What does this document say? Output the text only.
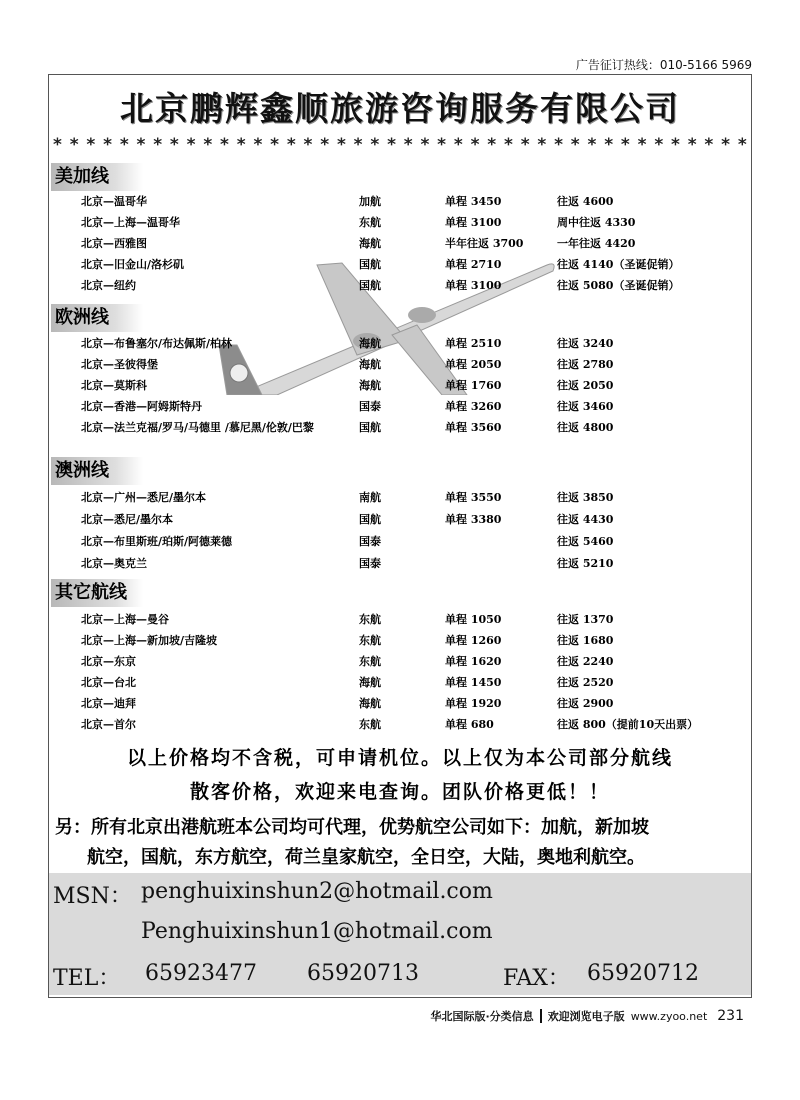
广告征订热线：010-5166 5969
北京鹏辉鑫顺旅游咨询服务有限公司
* * * * * * * * * * * * * * * * * * * * * * * * * * * * * * * * * * * * * * * * * *
美加线
北京—温哥华	加航	单程 3450	往返 4600
北京—上海—温哥华	东航	单程 3100	周中往返 4330
北京—西雅图	海航	半年往返 3700	一年往返 4420
北京—旧金山/洛杉矶	国航	单程 2710	往返 4140（圣诞促销）
北京—纽约	国航	单程 3100	往返 5080（圣诞促销）
欧洲线
北京—布鲁塞尔/布达佩斯/柏林	海航	单程 2510	往返 3240
北京—圣彼得堡	海航	单程 2050	往返 2780
北京—莫斯科	海航	单程 1760	往返 2050
北京—香港—阿姆斯特丹	国泰	单程 3260	往返 3460
北京—法兰克福/罗马/马德里 /慕尼黑/伦敦/巴黎	国航	单程 3560	往返 4800
澳洲线
北京—广州—悉尼/墨尔本	南航	单程 3550	往返 3850
北京—悉尼/墨尔本	国航	单程 3380	往返 4430
北京—布里斯班/珀斯/阿德莱德	国泰	往返 5460
北京—奥克兰	国泰	往返 5210
其它航线
北京—上海—曼谷	东航	单程 1050	往返 1370
北京—上海—新加坡/吉隆坡	东航	单程 1260	往返 1680
北京—东京	东航	单程 1620	往返 2240
北京—台北	海航	单程 1450	往返 2520
北京—迪拜	海航	单程 1920	往返 2900
北京—首尔	东航	单程 680	往返 800（提前10天出票）
以上价格均不含税，可申请机位。以上仅为本公司部分航线
散客价格，欢迎来电查询。团队价格更低！！
另：所有北京出港航班本公司均可代理，优势航空公司如下：加航，新加坡
航空，国航，东方航空，荷兰皇家航空，全日空，大陆，奥地利航空。
MSN： penghuixinshun2@hotmail.com
Penghuixinshun1@hotmail.com
TEL： 65923477 65920713	FAX： 65920712
华北国际版·分类信息 欢迎浏览电子版 www.zyoo.net 231
